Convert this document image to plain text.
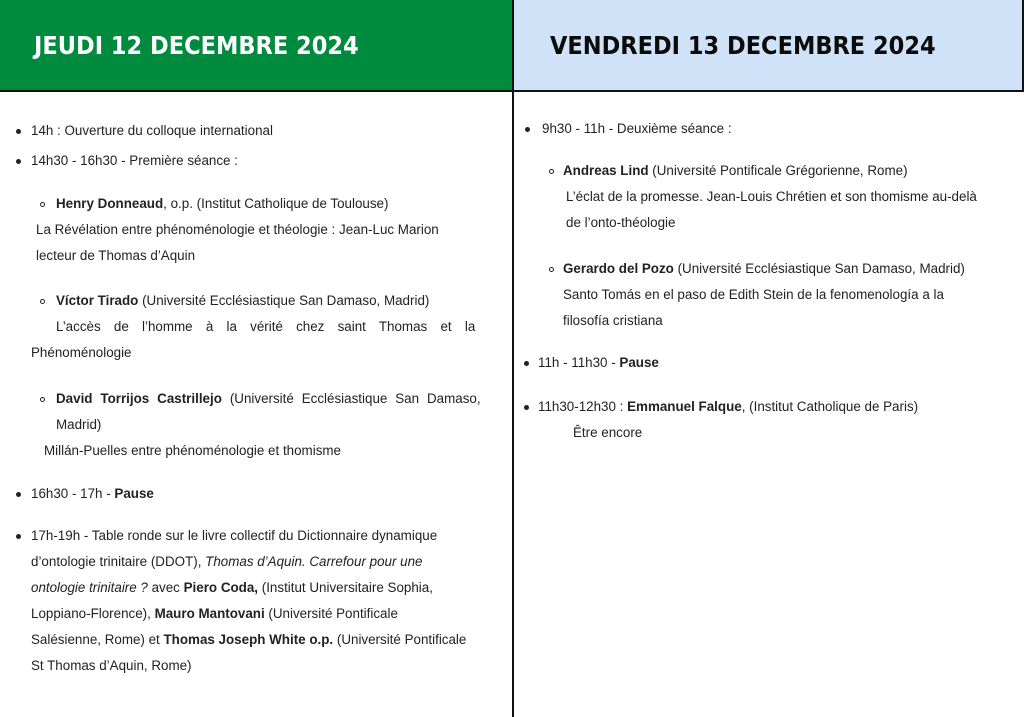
JEUDI 12 DECEMBRE 2024	VENDREDI 13 DECEMBRE 2024
14h : Ouverture du colloque international
14h30 - 16h30 - Première séance :
Henry Donneaud, o.p. (Institut Catholique de Toulouse)
La Révélation entre phénoménologie et théologie : Jean-Luc Marion
lecteur de Thomas d’Aquin
Víctor Tirado (Université Ecclésiastique San Damaso, Madrid)
L’accès de l’homme à la vérité chez saint Thomas et la
Phénoménologie
David Torrijos Castrillejo (Université Ecclésiastique San Damaso,
Madrid)
Millán-Puelles entre phénoménologie et thomisme
16h30 - 17h - Pause
17h-19h - Table ronde sur le livre collectif du Dictionnaire dynamique
d’ontologie trinitaire (DDOT), Thomas d’Aquin. Carrefour pour une
ontologie trinitaire ? avec Piero Coda, (Institut Universitaire Sophia,
Loppiano-Florence), Mauro Mantovani (Université Pontificale
Salésienne, Rome) et Thomas Joseph White o.p. (Université Pontificale
St Thomas d’Aquin, Rome)
9h30 - 11h - Deuxième séance :
Andreas Lind (Université Pontificale Grégorienne, Rome)
L’éclat de la promesse. Jean-Louis Chrétien et son thomisme au-delà
de l’onto-théologie
Gerardo del Pozo (Université Ecclésiastique San Damaso, Madrid)
Santo Tomás en el paso de Edith Stein de la fenomenología a la
filosofía cristiana
11h - 11h30 - Pause
11h30-12h30 : Emmanuel Falque, (Institut Catholique de Paris)
Être encore
